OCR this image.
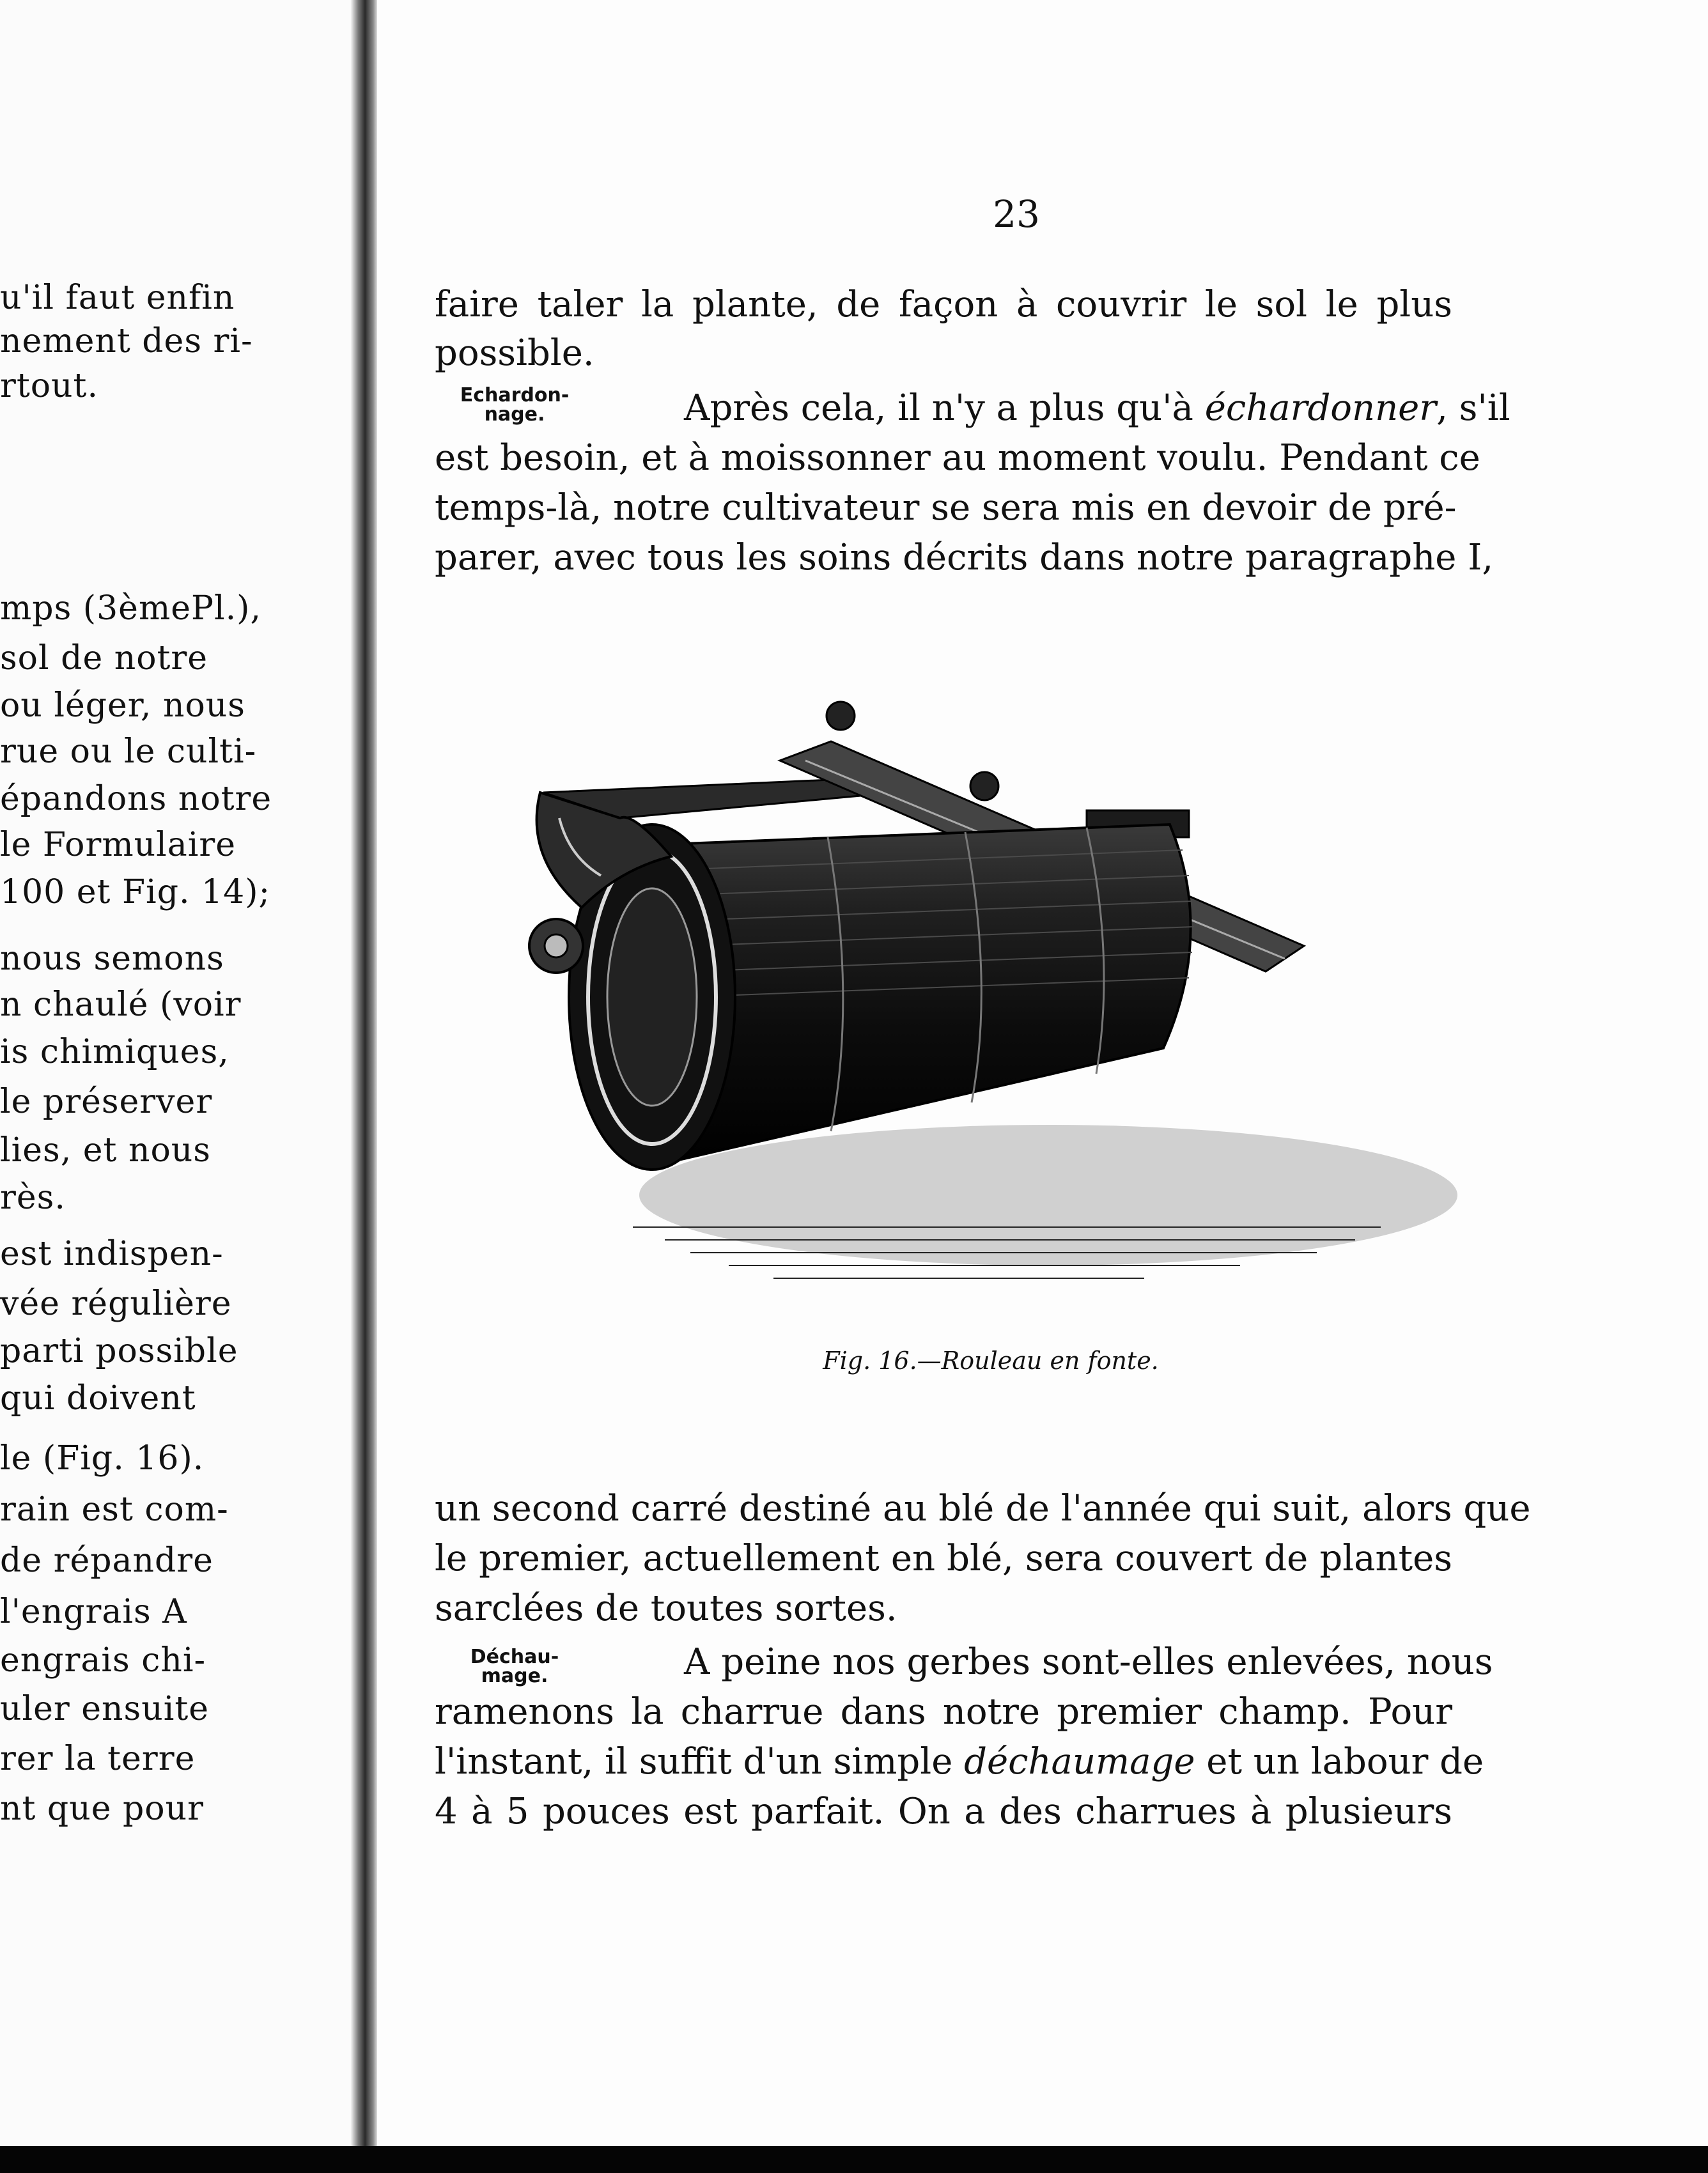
u'il faut enfin
nement des ri-
rtout.
mps (3èmePl.),
sol de notre
ou léger, nous
rue ou le culti-
épandons notre
le Formulaire
100 et Fig. 14);
nous semons
n chaulé (voir
is chimiques,
le préserver
lies, et nous
rès.
est indispen-
vée régulière
parti possible
qui doivent
le (Fig. 16).
rain est com-
de répandre
l'engrais A
engrais chi-
uler ensuite
rer la terre
nt que pour
23
faire taler la plante, de façon à couvrir le sol le plus
possible.
Echardon-
nage.	Après cela, il n'y a plus qu'à échardonner, s'il
est besoin, et à moissonner au moment voulu. Pendant ce
temps-là, notre cultivateur se sera mis en devoir de pré-
parer, avec tous les soins décrits dans notre paragraphe I,
Fig. 16.—Rouleau en fonte.
un second carré destiné au blé de l'année qui suit, alors que
le premier, actuellement en blé, sera couvert de plantes
sarclées de toutes sortes.
Déchau-
mage.	A peine nos gerbes sont-elles enlevées, nous
ramenons la charrue dans notre premier champ. Pour
l'instant, il suffit d'un simple déchaumage et un labour de
4 à 5 pouces est parfait. On a des charrues à plusieurs
